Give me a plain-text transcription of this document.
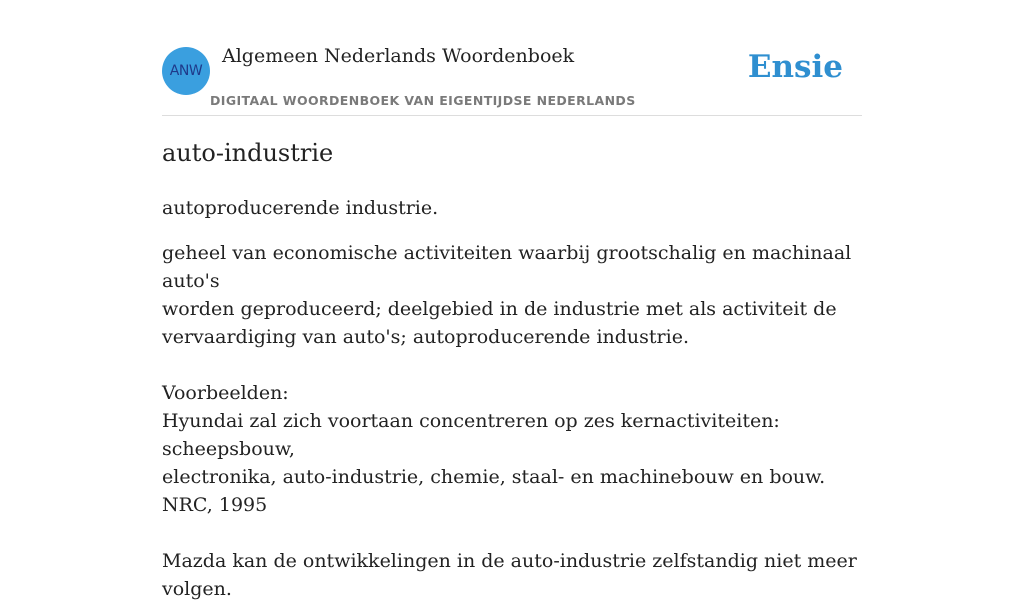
ANW
Algemeen Nederlands Woordenboek
DIGITAAL WOORDENBOEK VAN EIGENTIJDSE NEDERLANDS
Ensie
auto-industrie

autoproducerende industrie.

geheel van economische activiteiten waarbij grootschalig en machinaal auto's

worden geproduceerd; deelgebied in de industrie met als activiteit de

vervaardiging van auto's; autoproducerende industrie.

Voorbeelden:

Hyundai zal zich voortaan concentreren op zes kernactiviteiten: scheepsbouw,

electronika, auto-industrie, chemie, staal- en machinebouw en bouw.

NRC, 1995

Mazda kan de ontwikkelingen in de auto-industrie zelfstandig niet meer volgen.
